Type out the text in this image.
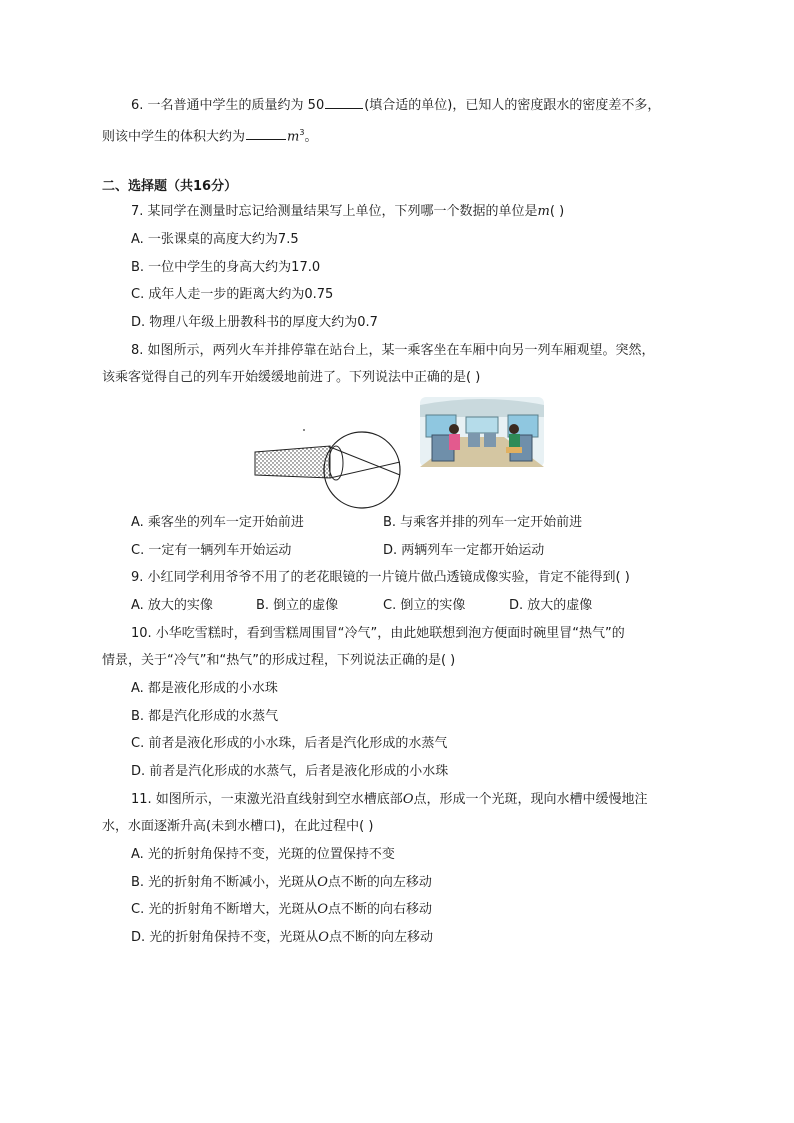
6. 一名普通中学生的质量约为 50	(填合适的单位)，已知人的密度跟水的密度差不多，
则该中学生的体积大约为	$m^3$。
二、选择题（共16分）
7. 某同学在测量时忘记给测量结果写上单位，下列哪一个数据的单位是m( )
A. 一张课桌的高度大约为7.5
B. 一位中学生的身高大约为17.0
C. 成年人走一步的距离大约为0.75
D. 物理八年级上册教科书的厚度大约为0.7
8. 如图所示，两列火车并排停靠在站台上，某一乘客坐在车厢中向另一列车厢观望。突然，
该乘客觉得自己的列车开始缓缓地前进了。下列说法中正确的是( )
A. 乘客坐的列车一定开始前进	B. 与乘客并排的列车一定开始前进
C. 一定有一辆列车开始运动	D. 两辆列车一定都开始运动
9. 小红同学利用爷爷不用了的老花眼镜的一片镜片做凸透镜成像实验，肯定不能得到( )
A. 放大的实像	B. 倒立的虚像	C. 倒立的实像	D. 放大的虚像
10. 小华吃雪糕时，看到雪糕周围冒“冷气”，由此她联想到泡方便面时碗里冒“热气”的
情景，关于“冷气”和“热气”的形成过程，下列说法正确的是( )
A. 都是液化形成的小水珠
B. 都是汽化形成的水蒸气
C. 前者是液化形成的小水珠，后者是汽化形成的水蒸气
D. 前者是汽化形成的水蒸气，后者是液化形成的小水珠
11. 如图所示，一束激光沿直线射到空水槽底部O点，形成一个光斑，现向水槽中缓慢地注
水，水面逐渐升高(未到水槽口)，在此过程中( )
A. 光的折射角保持不变，光斑的位置保持不变
B. 光的折射角不断减小，光斑从O点不断的向左移动
C. 光的折射角不断增大，光斑从O点不断的向右移动
D. 光的折射角保持不变，光斑从O点不断的向左移动
